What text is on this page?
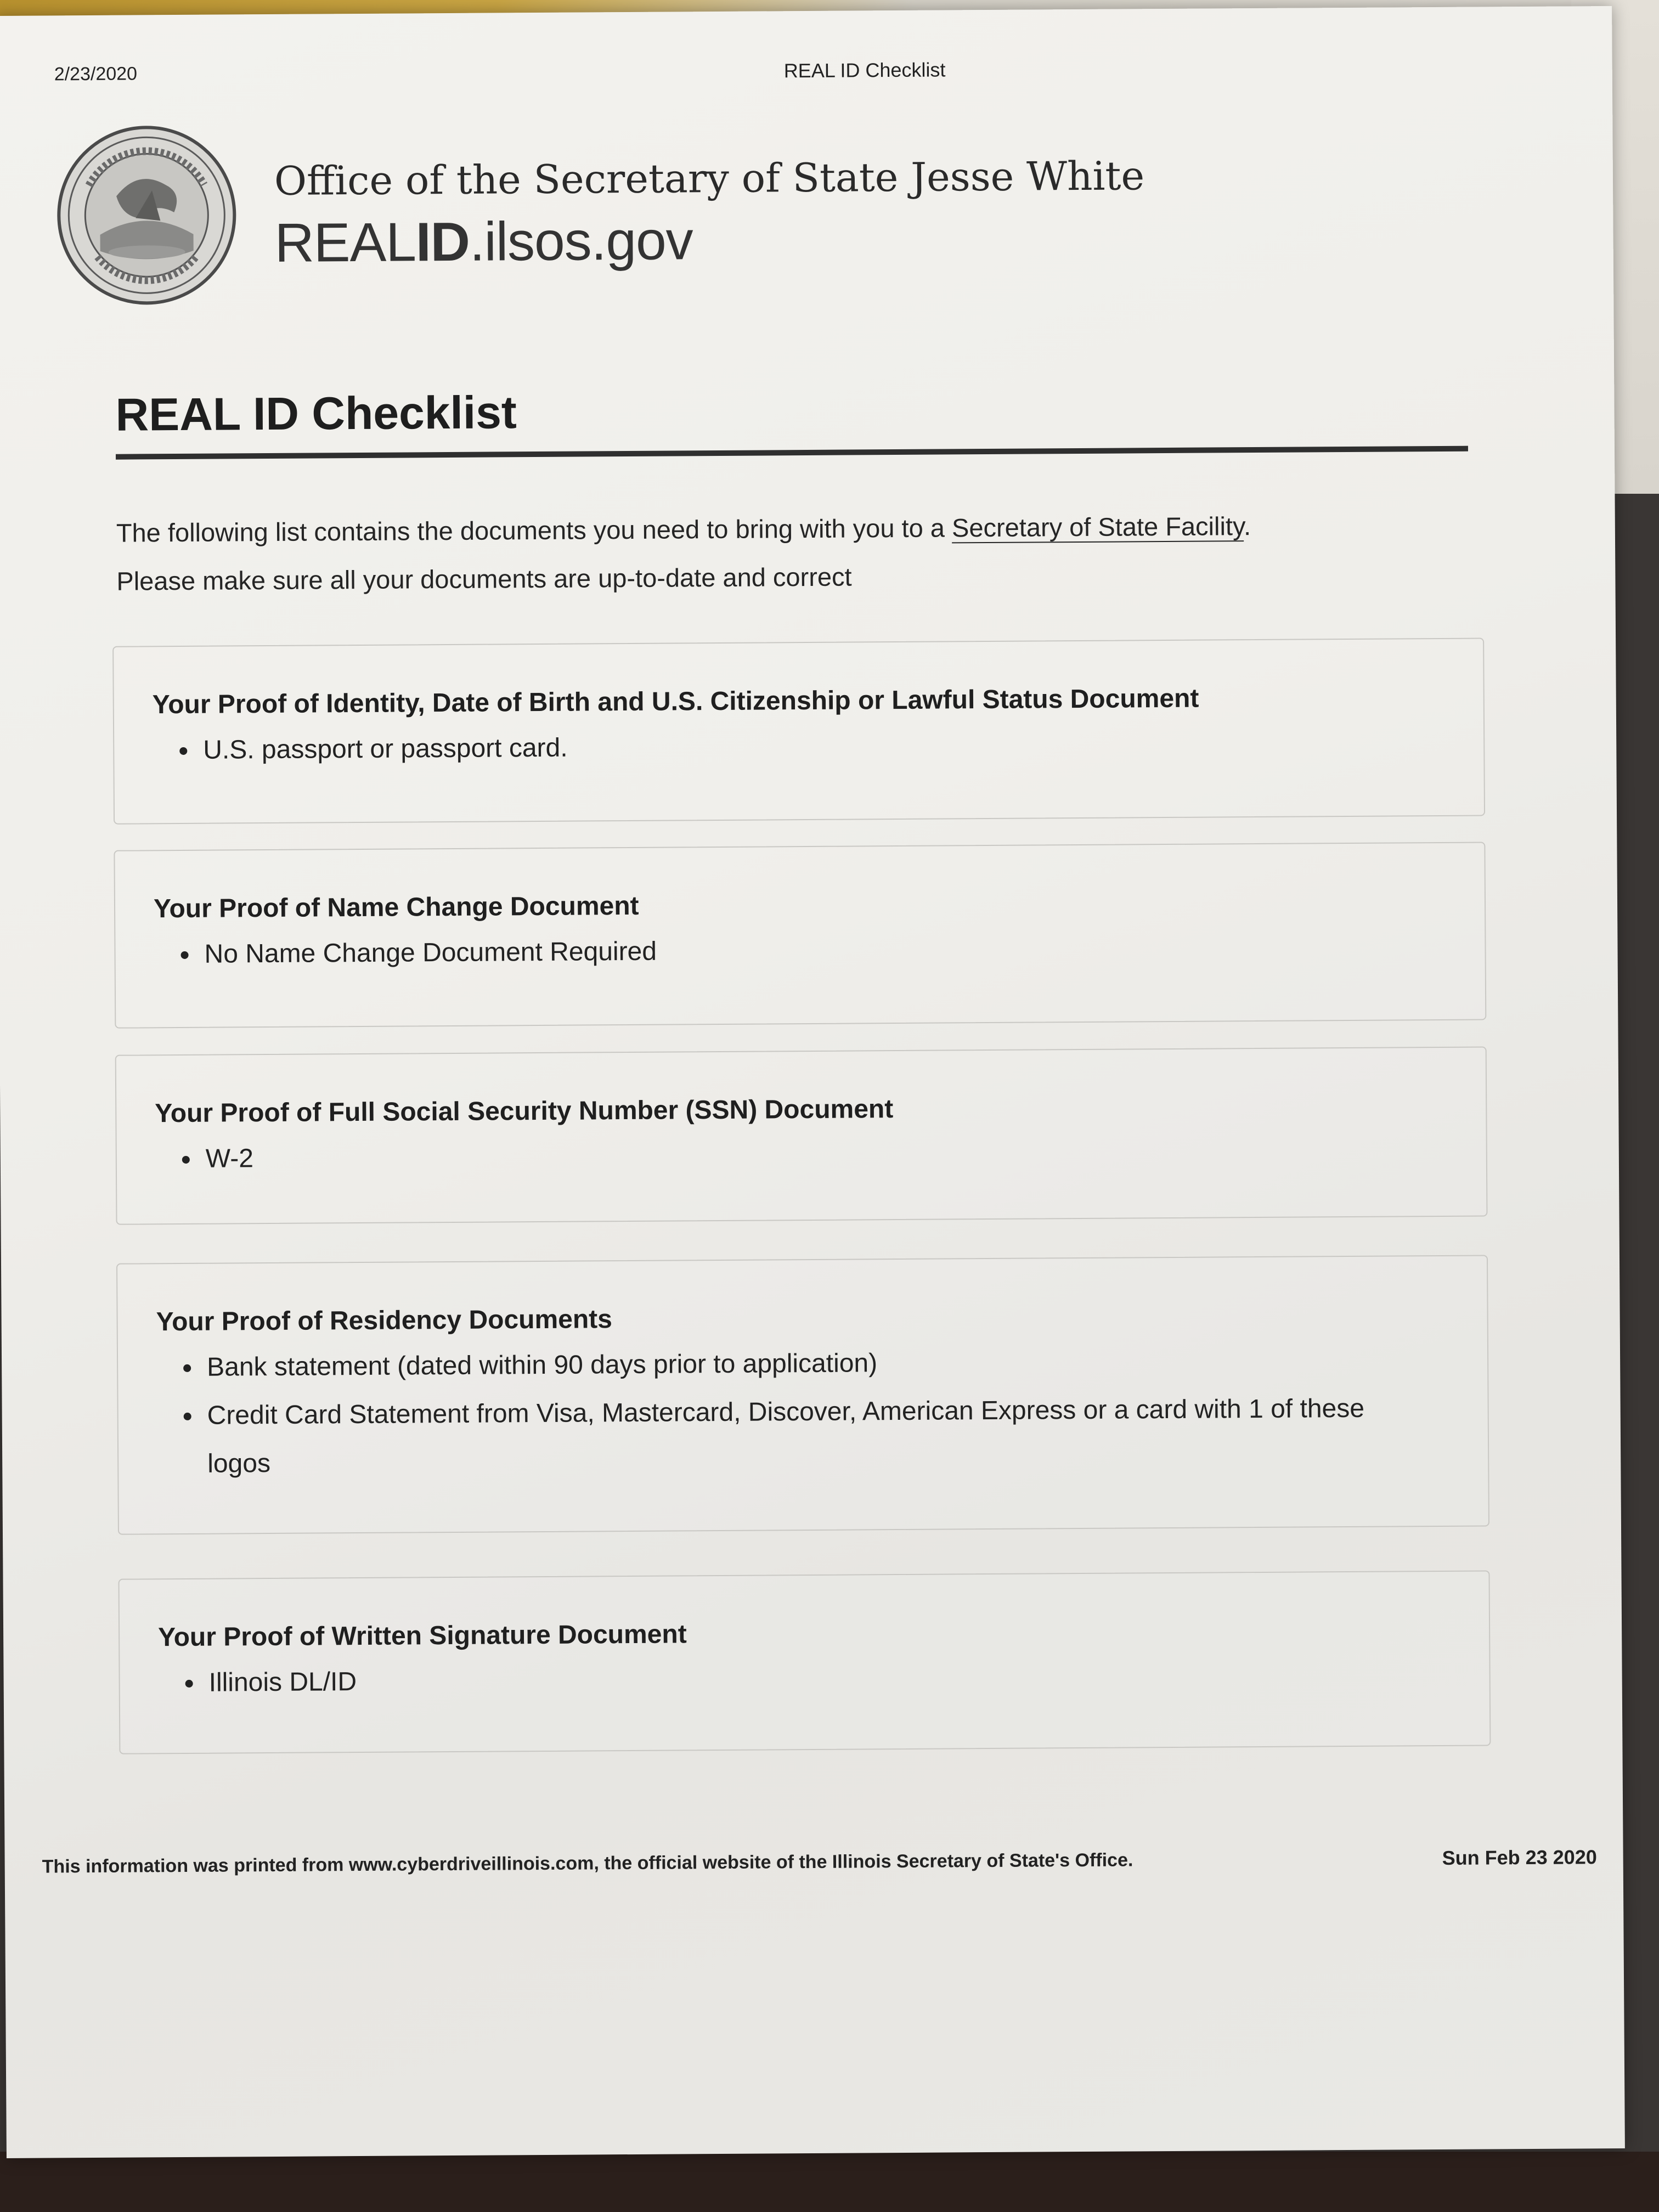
2/23/2020	REAL ID Checklist
Office of the Secretary of State Jesse White
REALID.ilsos.gov
REAL ID Checklist
The following list contains the documents you need to bring with you to a Secretary of State Facility.
Please make sure all your documents are up-to-date and correct
Your Proof of Identity, Date of Birth and U.S. Citizenship or Lawful Status Document
• U.S. passport or passport card.
Your Proof of Name Change Document
• No Name Change Document Required
Your Proof of Full Social Security Number (SSN) Document
• W-2
Your Proof of Residency Documents
• Bank statement (dated within 90 days prior to application)
• Credit Card Statement from Visa, Mastercard, Discover, American Express or a card with 1 of these logos
Your Proof of Written Signature Document
• Illinois DL/ID
This information was printed from www.cyberdriveillinois.com, the official website of the Illinois Secretary of State's Office.	Sun Feb 23 2020
